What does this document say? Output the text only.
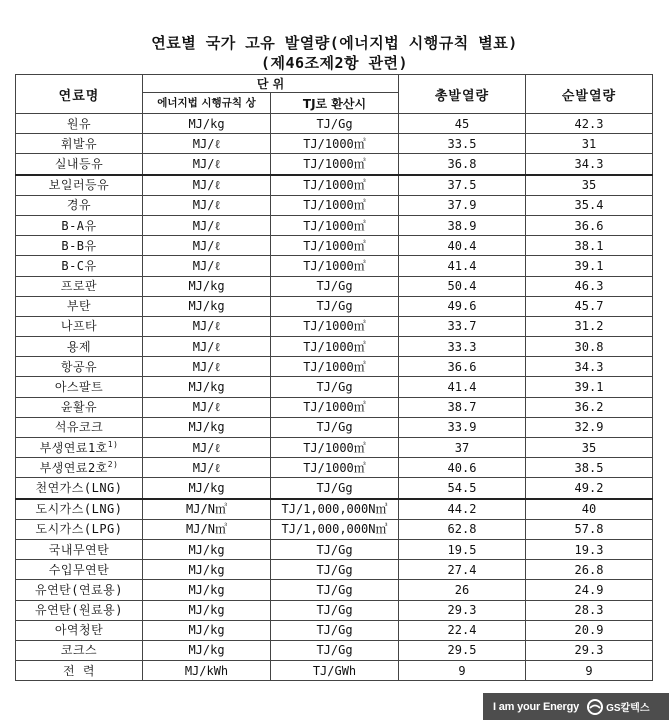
연료별 국가 고유 발열량(에너지법 시행규칙 별표)
(제46조제2항 관련)
연료명	단 위		총발열량	순발열량
	에너지법 시행규칙 상	TJ로 환산시		
원유	MJ/kg	TJ/Gg	45	42.3
휘발유	MJ/ℓ	TJ/1000㎥	33.5	31
실내등유	MJ/ℓ	TJ/1000㎥	36.8	34.3
보일러등유	MJ/ℓ	TJ/1000㎥	37.5	35
경유	MJ/ℓ	TJ/1000㎥	37.9	35.4
B-A유	MJ/ℓ	TJ/1000㎥	38.9	36.6
B-B유	MJ/ℓ	TJ/1000㎥	40.4	38.1
B-C유	MJ/ℓ	TJ/1000㎥	41.4	39.1
프로판	MJ/kg	TJ/Gg	50.4	46.3
부탄	MJ/kg	TJ/Gg	49.6	45.7
나프타	MJ/ℓ	TJ/1000㎥	33.7	31.2
용제	MJ/ℓ	TJ/1000㎥	33.3	30.8
항공유	MJ/ℓ	TJ/1000㎥	36.6	34.3
아스팔트	MJ/kg	TJ/Gg	41.4	39.1
윤활유	MJ/ℓ	TJ/1000㎥	38.7	36.2
석유코크	MJ/kg	TJ/Gg	33.9	32.9
부생연료1호$^{1)}$	MJ/ℓ	TJ/1000㎥	37	35
부생연료2호$^{2)}$	MJ/ℓ	TJ/1000㎥	40.6	38.5
천연가스(LNG)	MJ/kg	TJ/Gg	54.5	49.2
도시가스(LNG)	MJ/N㎥	TJ/1,000,000N㎥	44.2	40
도시가스(LPG)	MJ/N㎥	TJ/1,000,000N㎥	62.8	57.8
국내무연탄	MJ/kg	TJ/Gg	19.5	19.3
수입무연탄	MJ/kg	TJ/Gg	27.4	26.8
유연탄(연료용)	MJ/kg	TJ/Gg	26	24.9
유연탄(원료용)	MJ/kg	TJ/Gg	29.3	28.3
아역청탄	MJ/kg	TJ/Gg	22.4	20.9
코크스	MJ/kg	TJ/Gg	29.5	29.3
전 력	MJ/kWh	TJ/GWh	9	9
I am your Energy	GS칼텍스
